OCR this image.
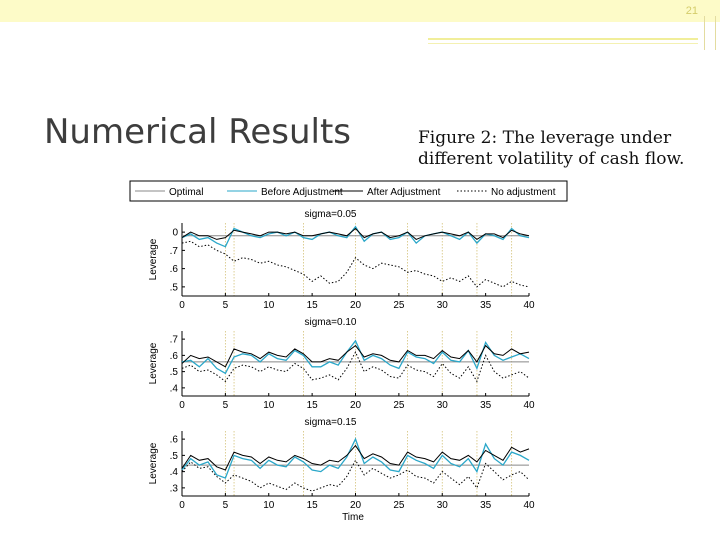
21
Numerical Results	Figure 2: The leverage under different volatility of cash flow.
Optimal	Before Adjustment After Adjustment	No adjustment
sigma=0.05
Leverage
.5
.6
.7
0
0	5	10	15	20	25	30	35	40
sigma=0.10
Leverage
.4
.5
.6
.7
0	5	10	15	20	25	30	35	40
sigma=0.15
Leverage
.3
.4
.5
.6
0	5	10	15	20	25	30	35	40
Time
